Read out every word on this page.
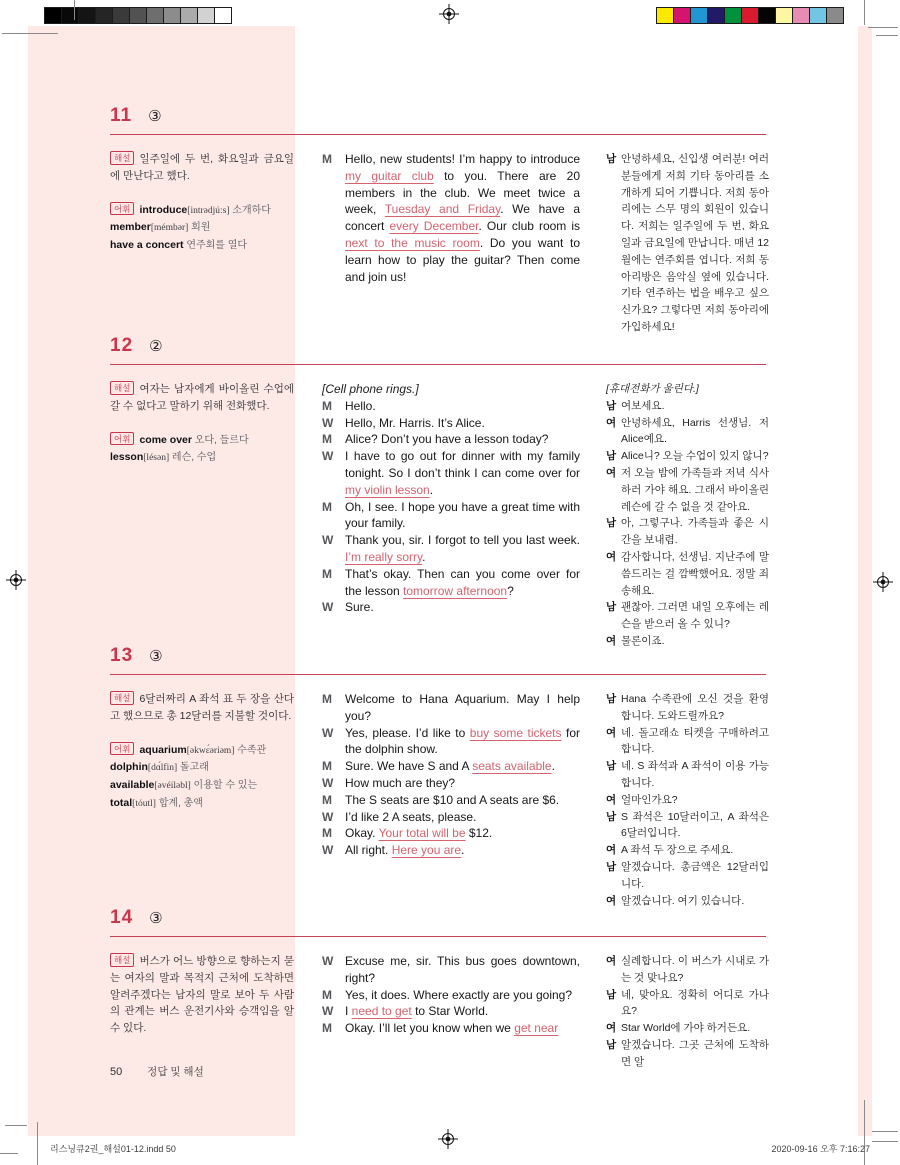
11 ③

해설 일주일에 두 번, 화요일과 금요일에 만난다고 했다.

어휘 introduce[intrədjúːs] 소개하다
member[mémbər] 회원
have a concert 연주회를 열다
M	Hello, new students! I’m happy to introduce my guitar club to you. There are 20 members in the club. We meet twice a week, Tuesday and Friday. We have a concert every December. Our club room is next to the music room. Do you want to learn how to play the guitar? Then come and join us!
남 안녕하세요, 신입생 여러분! 여러분들에게 저희 기타 동아리를 소개하게 되어 기쁩니다. 저희 동아리에는 스무 명의 회원이 있습니다. 저희는 일주일에 두 번, 화요일과 금요일에 만납니다. 매년 12월에는 연주회를 엽니다. 저희 동아리방은 음악실 옆에 있습니다. 기타 연주하는 법을 배우고 싶으신가요? 그렇다면 저희 동아리에 가입하세요!
12 ②

해설 여자는 남자에게 바이올린 수업에 갈 수 없다고 말하기 위해 전화했다.

어휘 come over 오다, 들르다
lesson[lésən] 레슨, 수업
[Cell phone rings.]
M	Hello.
W Hello, Mr. Harris. It’s Alice.
M	Alice? Don’t you have a lesson today?
W I have to go out for dinner with my family tonight. So I don’t think I can come over for my violin lesson.
M	Oh, I see. I hope you have a great time with your family.
W Thank you, sir. I forgot to tell you last week. I’m really sorry.
M	That’s okay. Then can you come over for the lesson tomorrow afternoon?
W Sure.
[휴대전화가 울린다.]
남 여보세요.
여 안녕하세요, Harris 선생님. 저 Alice예요.
남 Alice니? 오늘 수업이 있지 않니?
여 저 오늘 밤에 가족들과 저녁 식사하러 가야 해요. 그래서 바이올린 레슨에 갈 수 없을 것 같아요.
남 아, 그렇구나. 가족들과 좋은 시간을 보내렴.
여 감사합니다, 선생님. 지난주에 말씀드리는 걸 깜빡했어요. 정말 죄송해요.
남 괜찮아. 그러면 내일 오후에는 레슨을 받으러 올 수 있니?
여 물론이죠.
13 ③

해설 6달러짜리 A 좌석 표 두 장을 산다고 했으므로 총 12달러를 지불할 것이다.

어휘 aquarium[əkwɛ́əriəm] 수족관
dolphin[dɑ́lfin] 돌고래
available[əvéiləbl] 이용할 수 있는
total[tóutl] 합계, 총액
M	Welcome to Hana Aquarium. May I help you?
W Yes, please. I’d like to buy some tickets for the dolphin show.
M	Sure. We have S and A seats available.
W How much are they?
M	The S seats are $10 and A seats are $6.
W I’d like 2 A seats, please.
M	Okay. Your total will be $12.
W All right. Here you are.
남 Hana 수족관에 오신 것을 환영합니다. 도와드릴까요?
여 네. 돌고래쇼 티켓을 구매하려고 합니다.
남 네. S 좌석과 A 좌석이 이용 가능합니다.
여 얼마인가요?
남 S 좌석은 10달러이고, A 좌석은 6달러입니다.
여 A 좌석 두 장으로 주세요.
남 알겠습니다. 총금액은 12달러입니다.
여 알겠습니다. 여기 있습니다.
14 ③

해설 버스가 어느 방향으로 향하는지 묻는 여자의 말과 목적지 근처에 도착하면 알려주겠다는 남자의 말로 보아 두 사람의 관계는 버스 운전기사와 승객임을 알 수 있다.

W Excuse me, sir. This bus goes downtown, right?
M	Yes, it does. Where exactly are you going?
W I need to get to Star World.
M	Okay. I’ll let you know when we get near
여 실례합니다. 이 버스가 시내로 가는 것 맞나요?
남 네, 맞아요. 정확히 어디로 가나요?
여 Star World에 가야 하거든요.
남 알겠습니다. 그곳 근처에 도착하면 알
50 정답 및 해설
리스닝큐2권_해설01-12.indd 50	2020-09-16 오후 7:16:27
